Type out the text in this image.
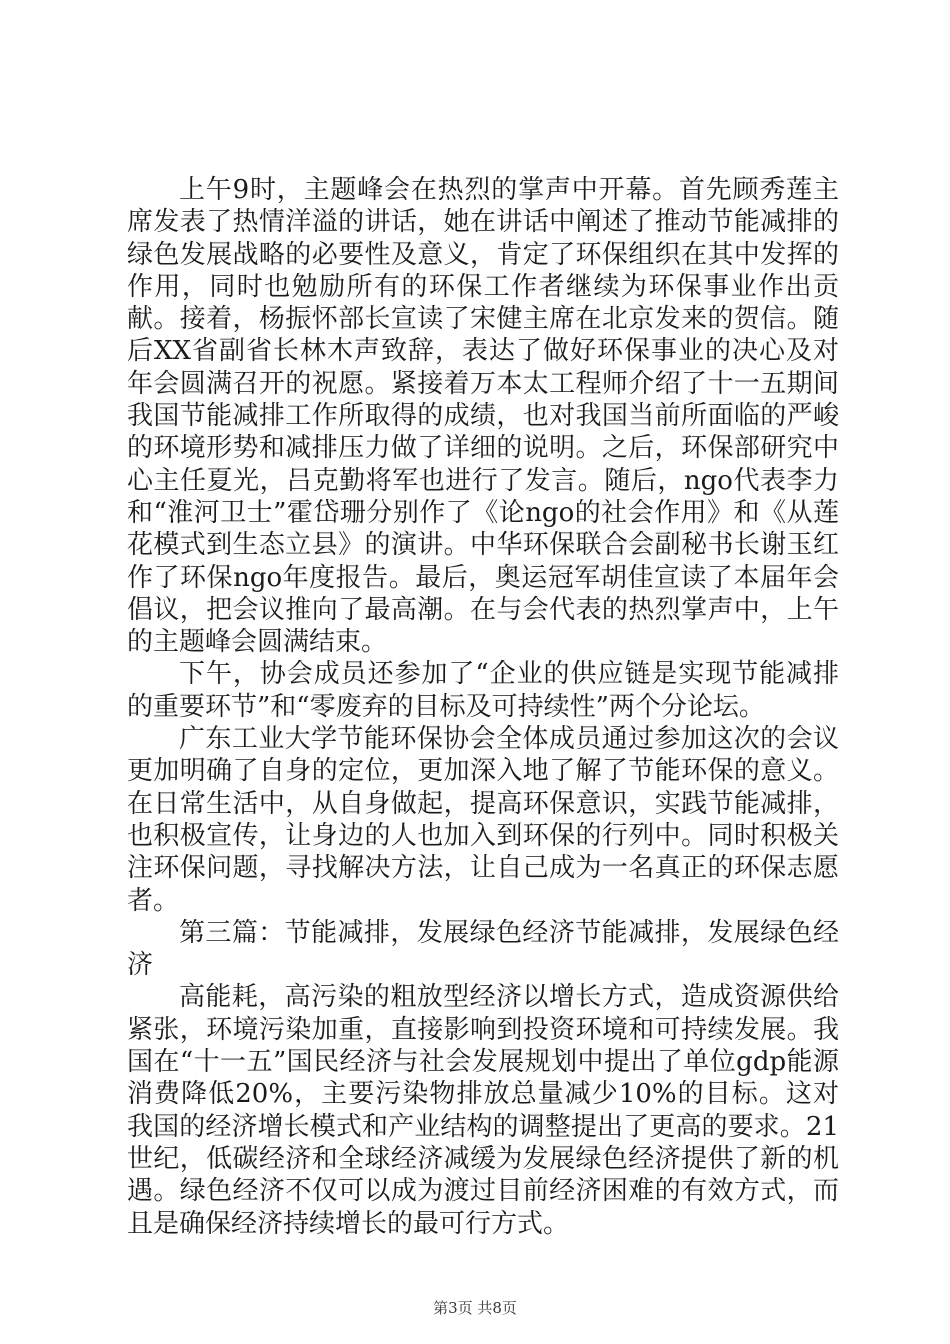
上午9时，主题峰会在热烈的掌声中开幕。首先顾秀莲主席发表了热情洋溢的讲话，她在讲话中阐述了推动节能减排的绿色发展战略的必要性及意义，肯定了环保组织在其中发挥的作用，同时也勉励所有的环保工作者继续为环保事业作出贡献。接着，杨振怀部长宣读了宋健主席在北京发来的贺信。随后XX省副省长林木声致辞，表达了做好环保事业的决心及对年会圆满召开的祝愿。紧接着万本太工程师介绍了十一五期间我国节能减排工作所取得的成绩，也对我国当前所面临的严峻的环境形势和减排压力做了详细的说明。之后，环保部研究中心主任夏光，吕克勤将军也进行了发言。随后，ngo代表李力和“淮河卫士”霍岱珊分别作了《论ngo的社会作用》和《从莲花模式到生态立县》的演讲。中华环保联合会副秘书长谢玉红作了环保ngo年度报告。最后，奥运冠军胡佳宣读了本届年会倡议，把会议推向了最高潮。在与会代表的热烈掌声中，上午的主题峰会圆满结束。

下午，协会成员还参加了“企业的供应链是实现节能减排的重要环节”和“零废弃的目标及可持续性”两个分论坛。

广东工业大学节能环保协会全体成员通过参加这次的会议更加明确了自身的定位，更加深入地了解了节能环保的意义。在日常生活中，从自身做起，提高环保意识，实践节能减排，也积极宣传，让身边的人也加入到环保的行列中。同时积极关注环保问题，寻找解决方法，让自己成为一名真正的环保志愿者。

第三篇：节能减排，发展绿色经济节能减排，发展绿色经济

高能耗，高污染的粗放型经济以增长方式，造成资源供给紧张，环境污染加重，直接影响到投资环境和可持续发展。我国在“十一五”国民经济与社会发展规划中提出了单位gdp能源消费降低20%，主要污染物排放总量减少10%的目标。这对我国的经济增长模式和产业结构的调整提出了更高的要求。21世纪，低碳经济和全球经济减缓为发展绿色经济提供了新的机遇。绿色经济不仅可以成为渡过目前经济困难的有效方式，而且是确保经济持续增长的最可行方式。

第3页 共8页
